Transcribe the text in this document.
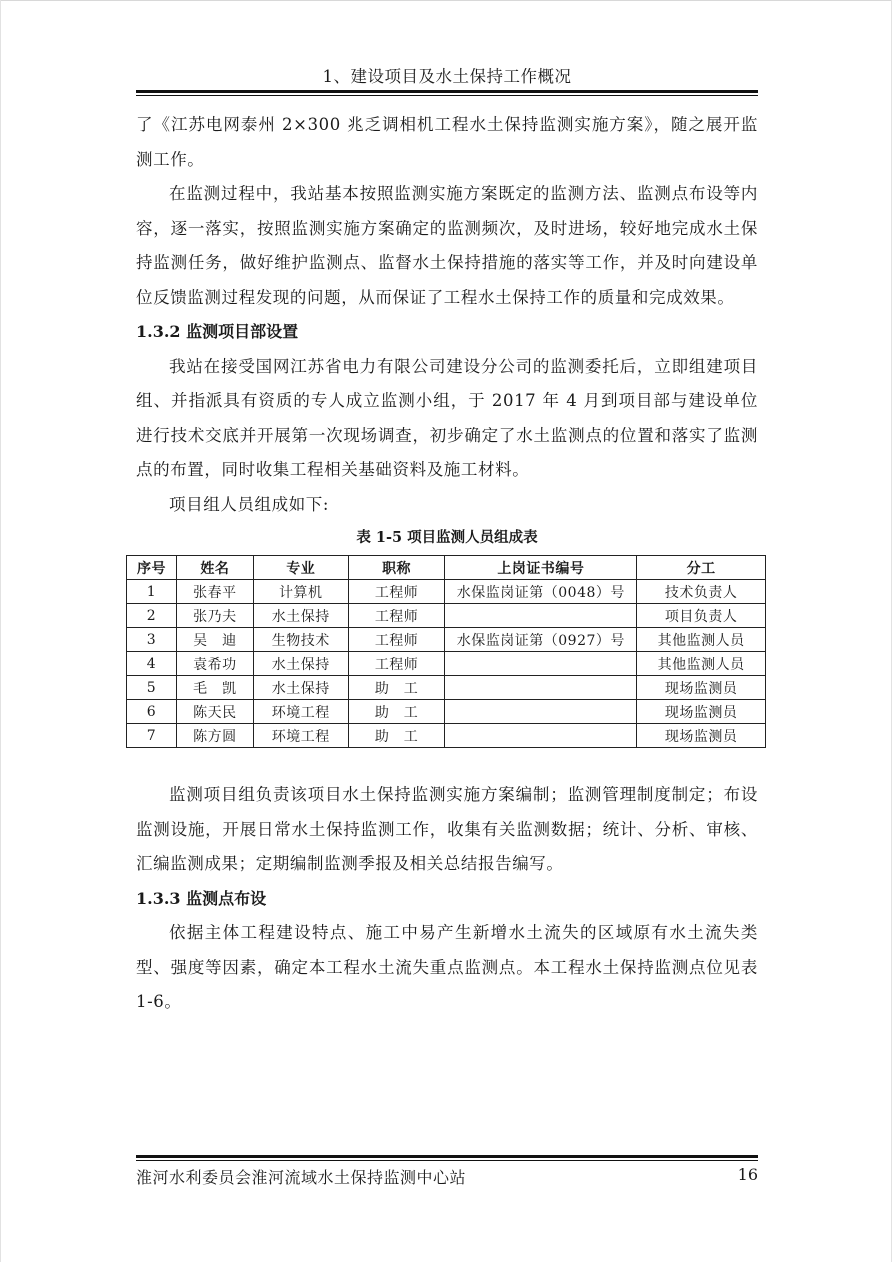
1、建设项目及水土保持工作概况

了《江苏电网泰州 2×300 兆乏调相机工程水土保持监测实施方案》，随之展开监测工作。

在监测过程中，我站基本按照监测实施方案既定的监测方法、监测点布设等内容，逐一落实，按照监测实施方案确定的监测频次，及时进场，较好地完成水土保持监测任务，做好维护监测点、监督水土保持措施的落实等工作，并及时向建设单位反馈监测过程发现的问题，从而保证了工程水土保持工作的质量和完成效果。

1.3.2 监测项目部设置

我站在接受国网江苏省电力有限公司建设分公司的监测委托后，立即组建项目组、并指派具有资质的专人成立监测小组，于 2017 年 4 月到项目部与建设单位进行技术交底并开展第一次现场调查，初步确定了水土监测点的位置和落实了监测点的布置，同时收集工程相关基础资料及施工材料。

项目组人员组成如下:

表 1-5 项目监测人员组成表
序号	姓名	专业	职称	上岗证书编号	分工
1	张春平	计算机	工程师	水保监岗证第（0048）号	技术负责人
2	张乃夫	水土保持	工程师		项目负责人
3	吴　迪	生物技术	工程师	水保监岗证第（0927）号	其他监测人员
4	袁希功	水土保持	工程师		其他监测人员
5	毛　凯	水土保持	助　工		现场监测员
6	陈天民	环境工程	助　工		现场监测员
7	陈方圆	环境工程	助　工		现场监测员

监测项目组负责该项目水土保持监测实施方案编制；监测管理制度制定；布设监测设施，开展日常水土保持监测工作，收集有关监测数据；统计、分析、审核、汇编监测成果；定期编制监测季报及相关总结报告编写。

1.3.3 监测点布设

依据主体工程建设特点、施工中易产生新增水土流失的区域原有水土流失类型、强度等因素，确定本工程水土流失重点监测点。本工程水土保持监测点位见表 1-6。

淮河水利委员会淮河流域水土保持监测中心站	16
